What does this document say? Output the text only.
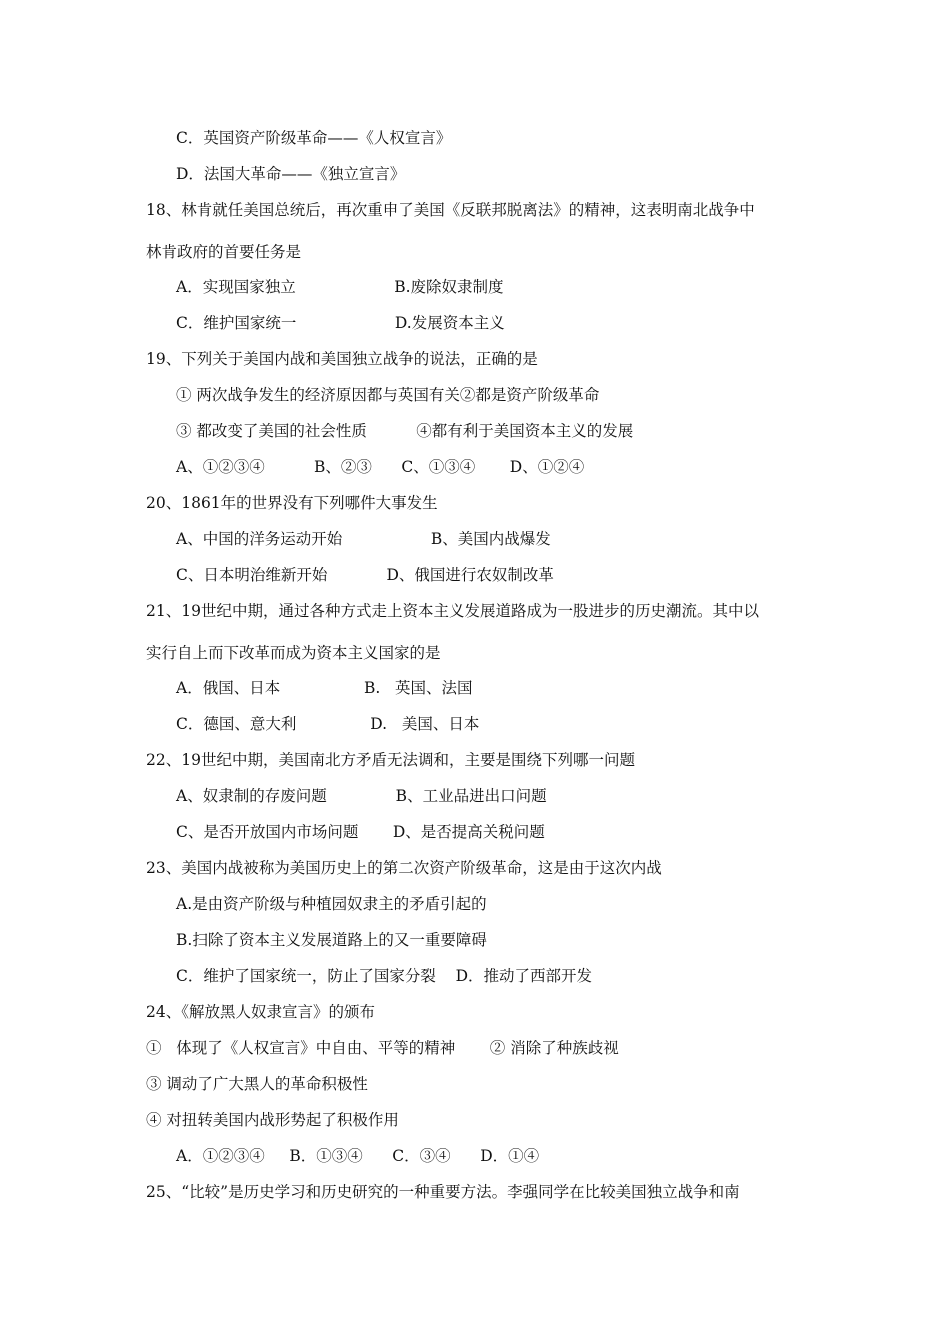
C．英国资产阶级革命——《人权宣言》
D．法国大革命——《独立宣言》
18、林肯就任美国总统后，再次重申了美国《反联邦脱离法》的精神，这表明南北战争中
林肯政府的首要任务是
A．实现国家独立                    B.废除奴隶制度
C．维护国家统一                    D.发展资本主义
19、下列关于美国内战和美国独立战争的说法，正确的是
① 两次战争发生的经济原因都与英国有关②都是资产阶级革命
③ 都改变了美国的社会性质          ④都有利于美国资本主义的发展
A、①②③④          B、②③      C、①③④       D、①②④
20、1861年的世界没有下列哪件大事发生
A、中国的洋务运动开始                  B、美国内战爆发
C、日本明治维新开始            D、俄国进行农奴制改革
21、19世纪中期，通过各种方式走上资本主义发展道路成为一股进步的历史潮流。其中以
实行自上而下改革而成为资本主义国家的是
A．俄国、日本                 B.   英国、法国
C．德国、意大利               D.   美国、日本
22、19世纪中期，美国南北方矛盾无法调和，主要是围绕下列哪一问题
A、奴隶制的存废问题              B、工业品进出口问题
C、是否开放国内市场问题       D、是否提高关税问题
23、美国内战被称为美国历史上的第二次资产阶级革命，这是由于这次内战
A.是由资产阶级与种植园奴隶主的矛盾引起的
B.扫除了资本主义发展道路上的又一重要障碍
C．维护了国家统一，防止了国家分裂    D．推动了西部开发
24、《解放黑人奴隶宣言》的颁布
①   体现了《人权宣言》中自由、平等的精神       ② 消除了种族歧视
③ 调动了广大黑人的革命积极性
④ 对扭转美国内战形势起了积极作用
A．①②③④     B．①③④      C．③④      D．①④
25、“比较”是历史学习和历史研究的一种重要方法。李强同学在比较美国独立战争和南
